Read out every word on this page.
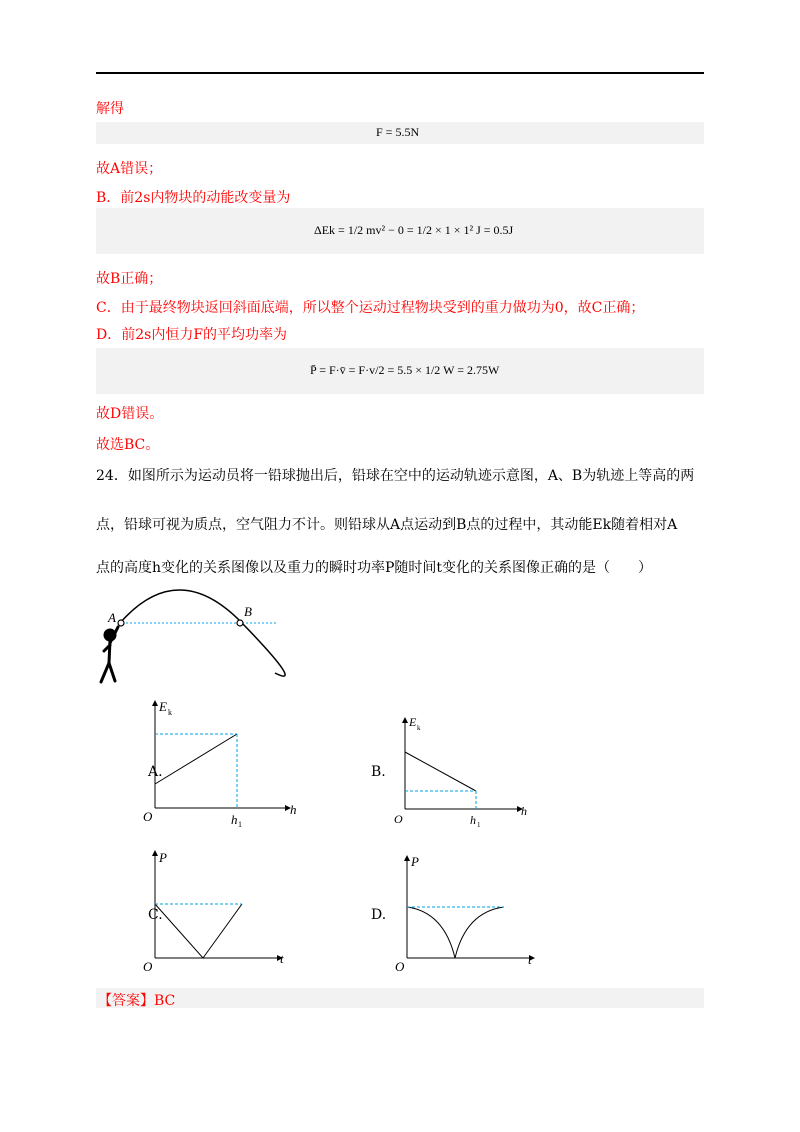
解得
F = 5.5N
故A错误；
B．前2s内物块的动能改变量为
ΔEk = 1/2 mv² − 0 = 1/2 × 1 × 1² J = 0.5J
故B正确；
C．由于最终物块返回斜面底端，所以整个运动过程物块受到的重力做功为0，故C正确；
D．前2s内恒力F的平均功率为
P̄ = F·v̄ = F·v/2 = 5.5 × 1/2 W = 2.75W
故D错误。
故选BC。
24．如图所示为运动员将一铅球抛出后，铅球在空中的运动轨迹示意图，A、B为轨迹上等高的两
点，铅球可视为质点，空气阻力不计。则铅球从A点运动到B点的过程中，其动能Ek随着相对A
点的高度h变化的关系图像以及重力的瞬时功率P随时间t变化的关系图像正确的是（　　）
A	B
A.
E k
h
O	h 1
B.
E k
h
O	h 1
C.
P
t
O
D.
P
t
O
【答案】BC
